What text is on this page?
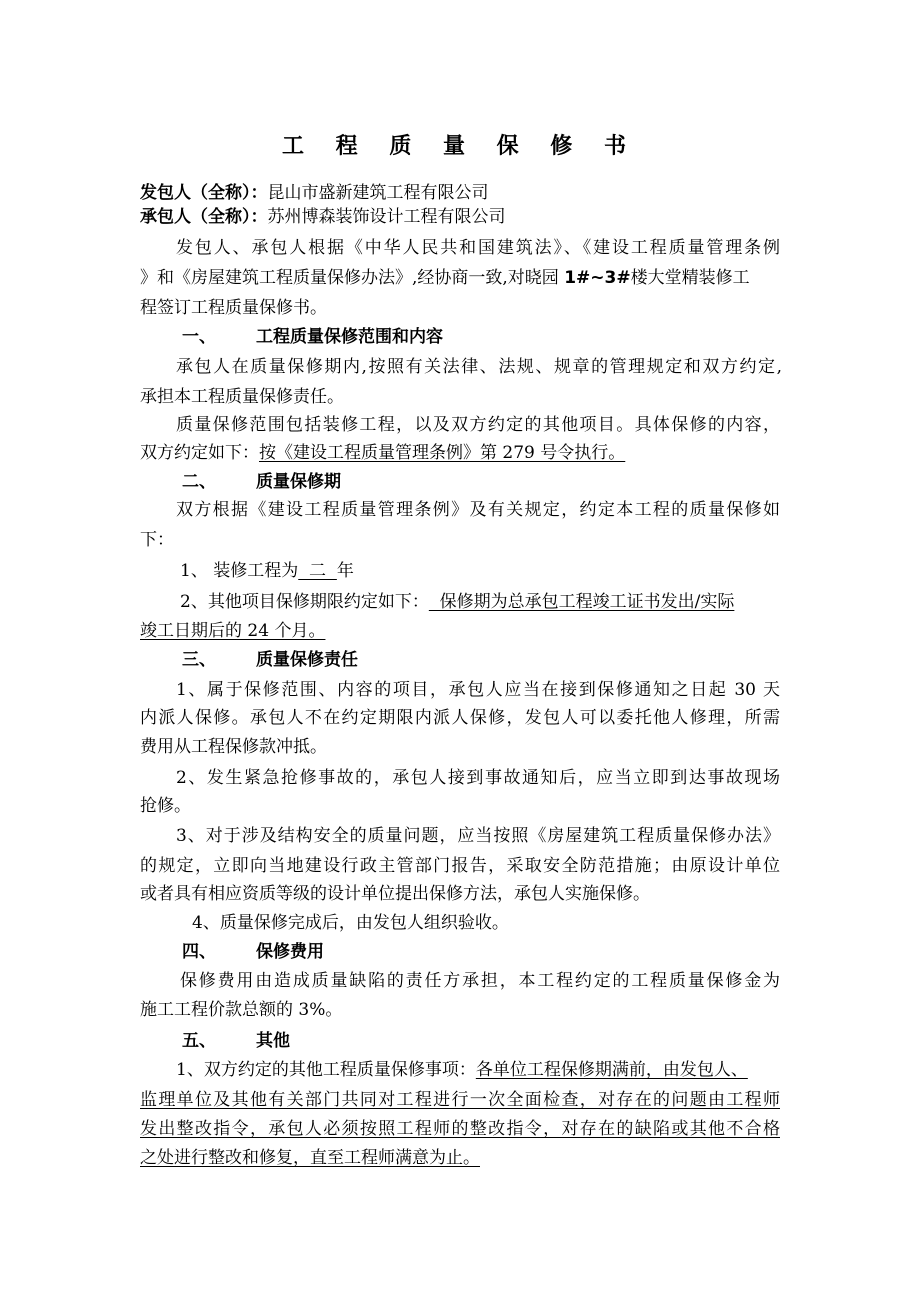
工 程 质 量 保 修 书
发包人（全称）：昆山市盛新建筑工程有限公司
承包人（全称）：苏州博森装饰设计工程有限公司
发包人、承包人根据《中华人民共和国建筑法》、《建设工程质量管理条例
》和《房屋建筑工程质量保修办法》,经协商一致,对晓园 1#~3#楼大堂精装修工
程签订工程质量保修书。
一、 工程质量保修范围和内容
承包人在质量保修期内,按照有关法律、法规、规章的管理规定和双方约定,
承担本工程质量保修责任。
质量保修范围包括装修工程，以及双方约定的其他项目。具体保修的内容，
双方约定如下：按《建设工程质量管理条例》第 279 号令执行。
二、 质量保修期
双方根据《建设工程质量管理条例》及有关规定，约定本工程的质量保修如
下：
1、 装修工程为  二  年
2、其他项目保修期限约定如下：  保修期为总承包工程竣工证书发出/实际
竣工日期后的 24 个月。
三、 质量保修责任
1、属于保修范围、内容的项目，承包人应当在接到保修通知之日起 30 天
内派人保修。承包人不在约定期限内派人保修，发包人可以委托他人修理，所需
费用从工程保修款冲抵。
2、发生紧急抢修事故的，承包人接到事故通知后，应当立即到达事故现场
抢修。
3、对于涉及结构安全的质量问题，应当按照《房屋建筑工程质量保修办法》
的规定，立即向当地建设行政主管部门报告，采取安全防范措施；由原设计单位
或者具有相应资质等级的设计单位提出保修方法，承包人实施保修。
4、质量保修完成后，由发包人组织验收。
四、 保修费用
保修费用由造成质量缺陷的责任方承担，本工程约定的工程质量保修金为
施工工程价款总额的 3%。
五、 其他
1、双方约定的其他工程质量保修事项：各单位工程保修期满前，由发包人、
监理单位及其他有关部门共同对工程进行一次全面检查，对存在的问题由工程师
发出整改指令，承包人必须按照工程师的整改指令，对存在的缺陷或其他不合格
之处进行整改和修复，直至工程师满意为止。
